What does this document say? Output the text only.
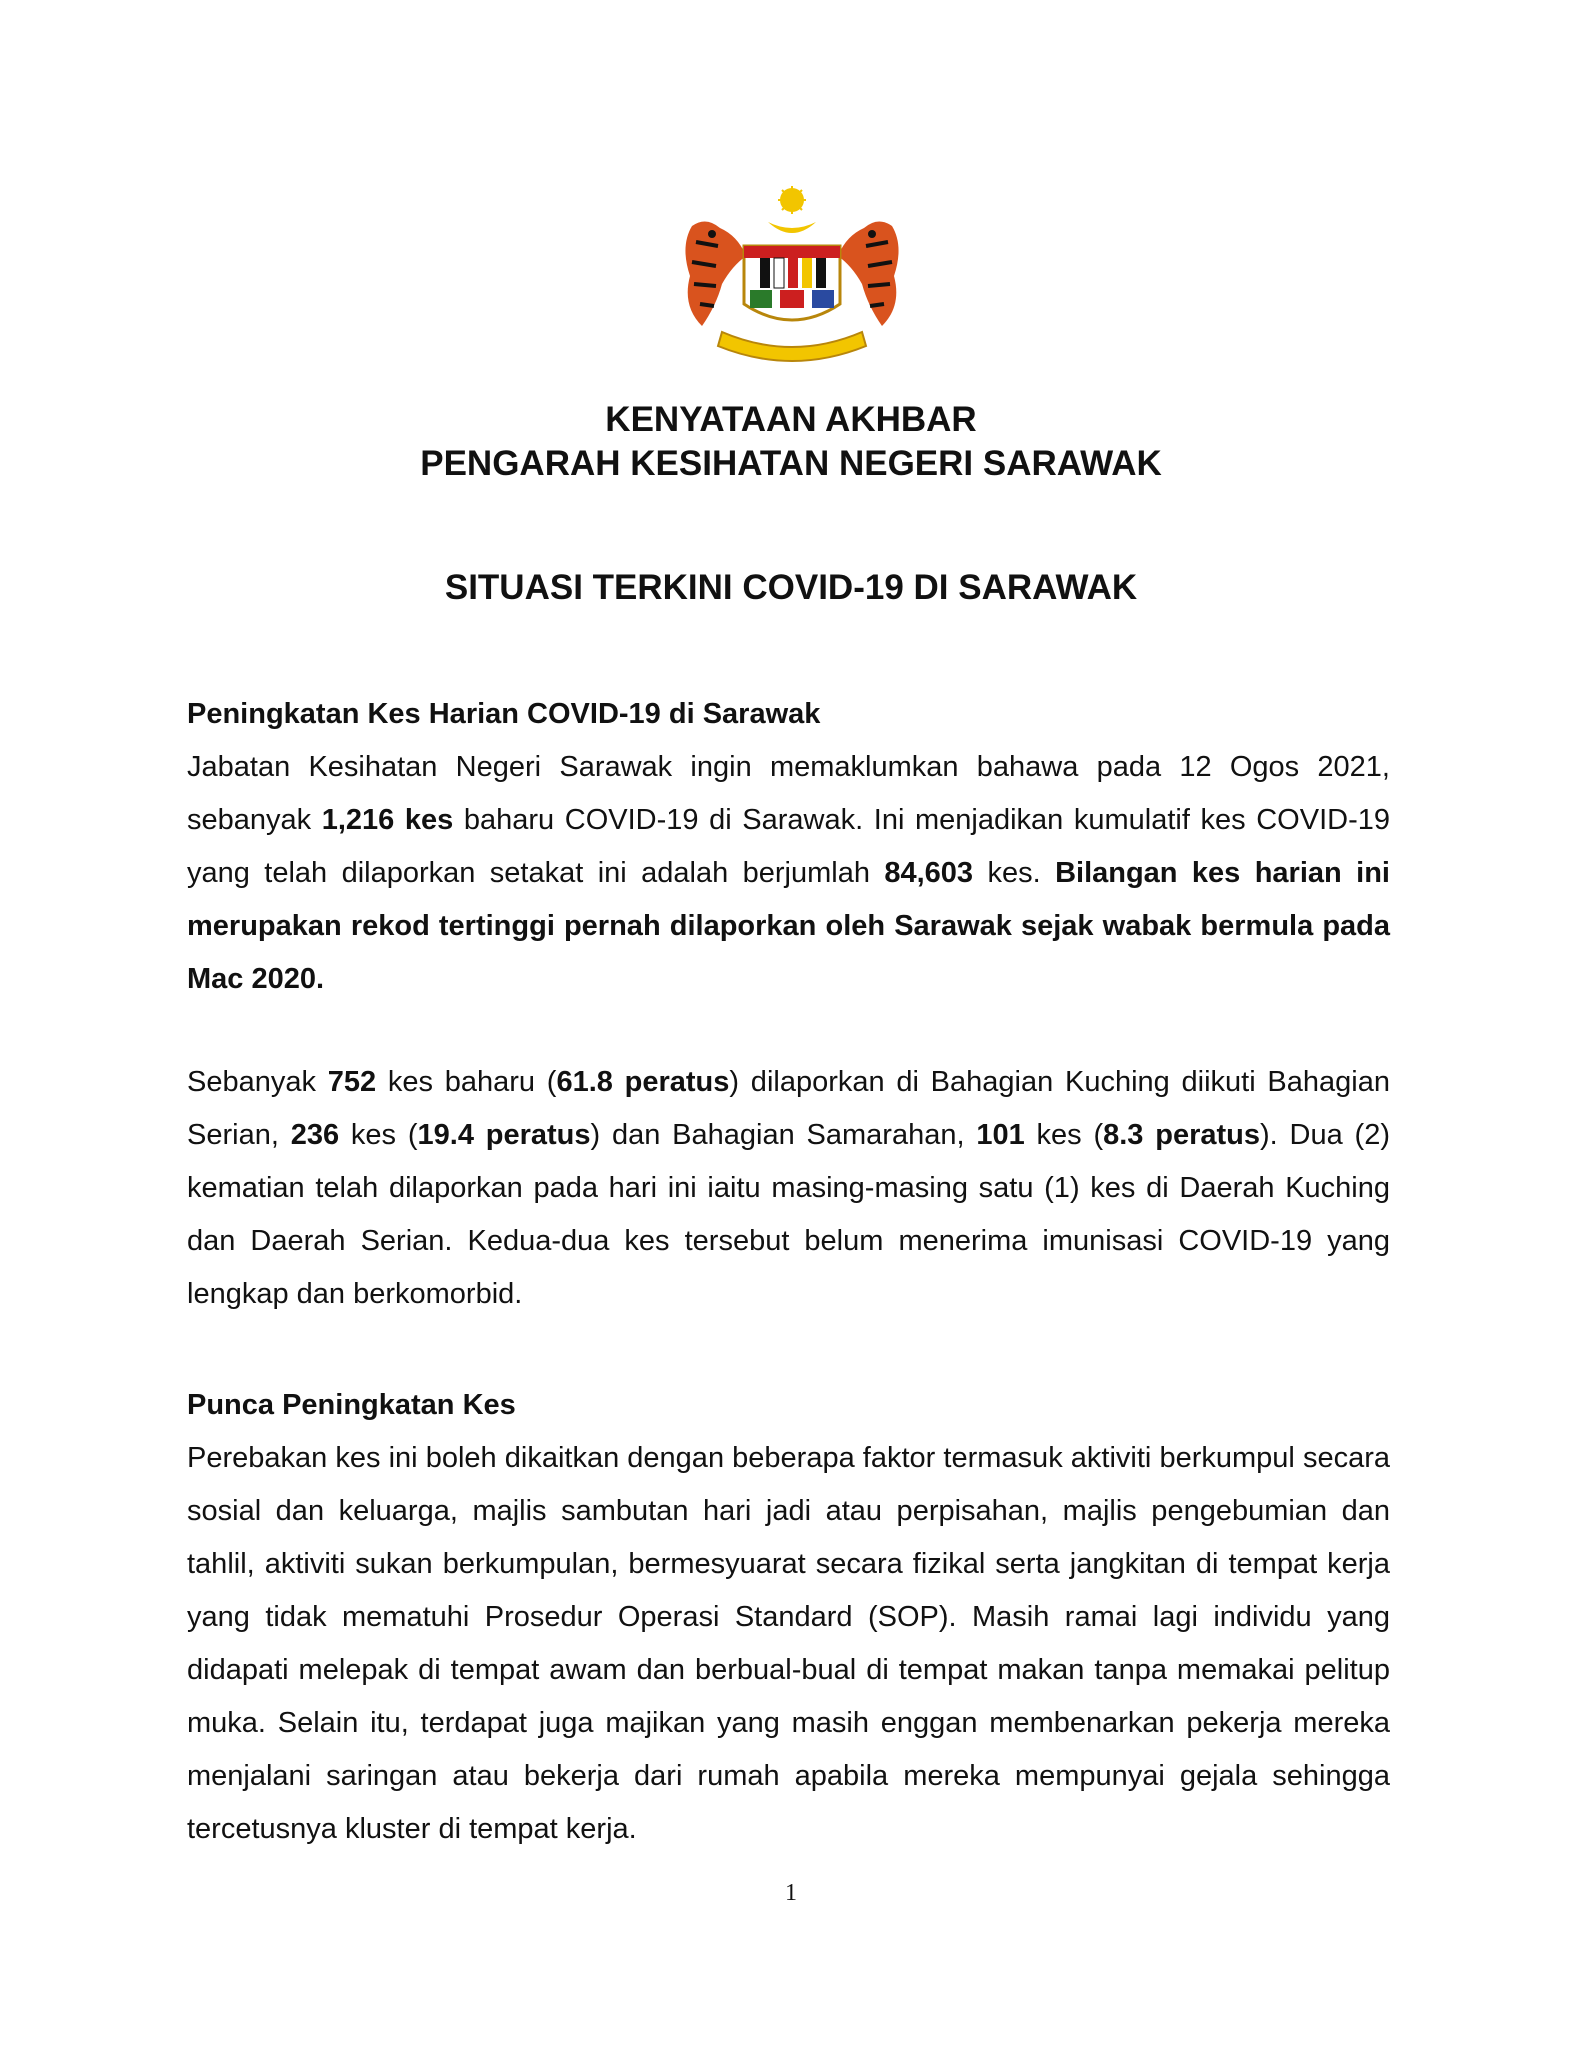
KENYATAAN AKHBAR
PENGARAH KESIHATAN NEGERI SARAWAK
SITUASI TERKINI COVID-19 DI SARAWAK

Peningkatan Kes Harian COVID-19 di Sarawak

Jabatan Kesihatan Negeri Sarawak ingin memaklumkan bahawa pada 12 Ogos 2021, sebanyak 1,216 kes baharu COVID-19 di Sarawak. Ini menjadikan kumulatif kes COVID-19 yang telah dilaporkan setakat ini adalah berjumlah 84,603 kes. Bilangan kes harian ini merupakan rekod tertinggi pernah dilaporkan oleh Sarawak sejak wabak bermula pada Mac 2020.

Sebanyak 752 kes baharu (61.8 peratus) dilaporkan di Bahagian Kuching diikuti Bahagian Serian, 236 kes (19.4 peratus) dan Bahagian Samarahan, 101 kes (8.3 peratus). Dua (2) kematian telah dilaporkan pada hari ini iaitu masing-masing satu (1) kes di Daerah Kuching dan Daerah Serian. Kedua-dua kes tersebut belum menerima imunisasi COVID-19 yang lengkap dan berkomorbid.

Punca Peningkatan Kes

Perebakan kes ini boleh dikaitkan dengan beberapa faktor termasuk aktiviti berkumpul secara sosial dan keluarga, majlis sambutan hari jadi atau perpisahan, majlis pengebumian dan tahlil, aktiviti sukan berkumpulan, bermesyuarat secara fizikal serta jangkitan di tempat kerja yang tidak mematuhi Prosedur Operasi Standard (SOP). Masih ramai lagi individu yang didapati melepak di tempat awam dan berbual-bual di tempat makan tanpa memakai pelitup muka. Selain itu, terdapat juga majikan yang masih enggan membenarkan pekerja mereka menjalani saringan atau bekerja dari rumah apabila mereka mempunyai gejala sehingga tercetusnya kluster di tempat kerja.

1
